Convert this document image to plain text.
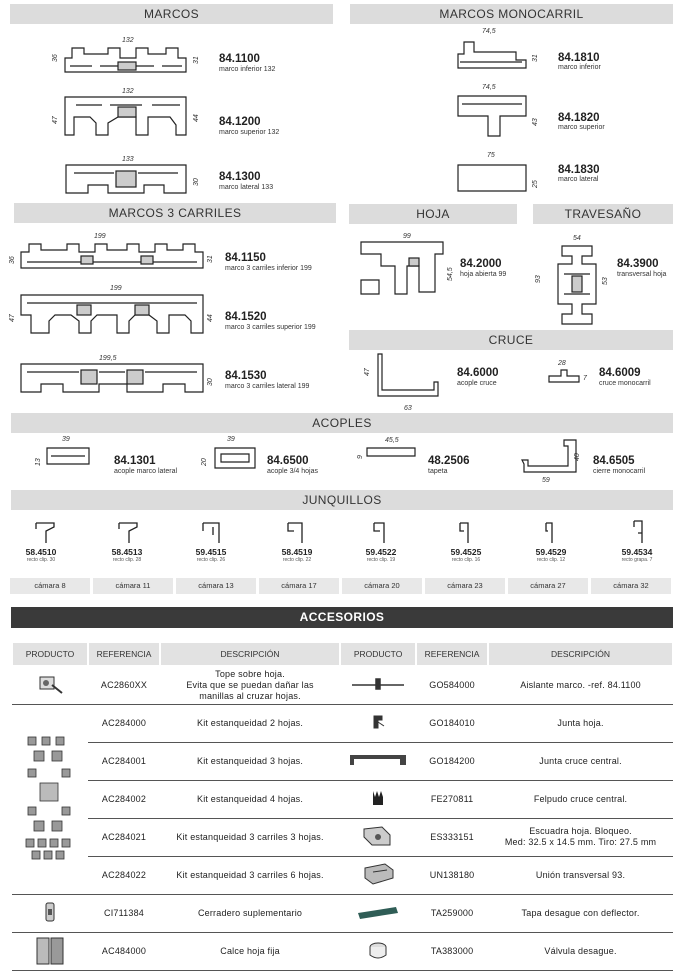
MARCOS	MARCOS MONOCARRIL
MARCOS 3 CARRILES	HOJA	TRAVESAÑO
CRUCE
ACOPLES
JUNQUILLOS
ACCESORIOS
132
36	31 84.1100
marco inferior 132
132
47	44 84.1200
marco superior 132
133
30 84.1300
marco lateral 133
74,5
31 84.1810
marco inferior
74,5
43 84.1820
marco superior
75
25
84.1830
marco lateral
199
36	31 84.1150
marco 3 carriles inferior 199
199
47	44 84.1520
marco 3 carriles superior 199
199,5
30
84.1530
marco 3 carriles lateral 199
99
54,5
84.2000
hoja abierta 99
54
93	53
84.3900
transversal hoja
47
63
84.6000
acople cruce
28
7 84.6009
cruce monocarril
39
13	84.1301
acople marco lateral
39
20	84.6500
acople 3/4 hojas
45,5
9	48.2506
tapeta
59
40 84.6505
cierre monocarril
58.4510
recto clip. 30
58.4513
recto clip. 28
59.4515
recto clip. 26
58.4519
recto clip. 22
59.4522
recto clip. 19
59.4525
recto clip. 16
59.4529
recto clip. 12
59.4534
recto grapa. 7
cámara 8	cámara 11	cámara 13	cámara 17	cámara 20	cámara 23	cámara 27	cámara 32
PRODUCTO	REFERENCIA	DESCRIPCIÓN	PRODUCTO	REFERENCIA	DESCRIPCIÓN
	AC2860XX	Tope sobre hoja.
Evita que se puedan dañar las
manillas al cruzar hojas.		GO584000	Aislante marco. -ref. 84.1100
	AC284000	Kit estanqueidad 2 hojas.		GO184010	Junta hoja.
	AC284001	Kit estanqueidad 3 hojas.		GO184200	Junta cruce central.
	AC284002	Kit estanqueidad 4 hojas.		FE270811	Felpudo cruce central.
	AC284021	Kit estanqueidad 3 carriles 3 hojas.		ES333151	Escuadra hoja. Bloqueo.
Med: 32.5 x 14.5 mm. Tiro: 27.5 mm
	AC284022	Kit estanqueidad 3 carriles 6 hojas.		UN138180	Unión transversal 93.
	CI711384	Cerradero suplementario		TA259000	Tapa desague con deflector.
	AC484000	Calce hoja fija		TA383000	Válvula desague.
